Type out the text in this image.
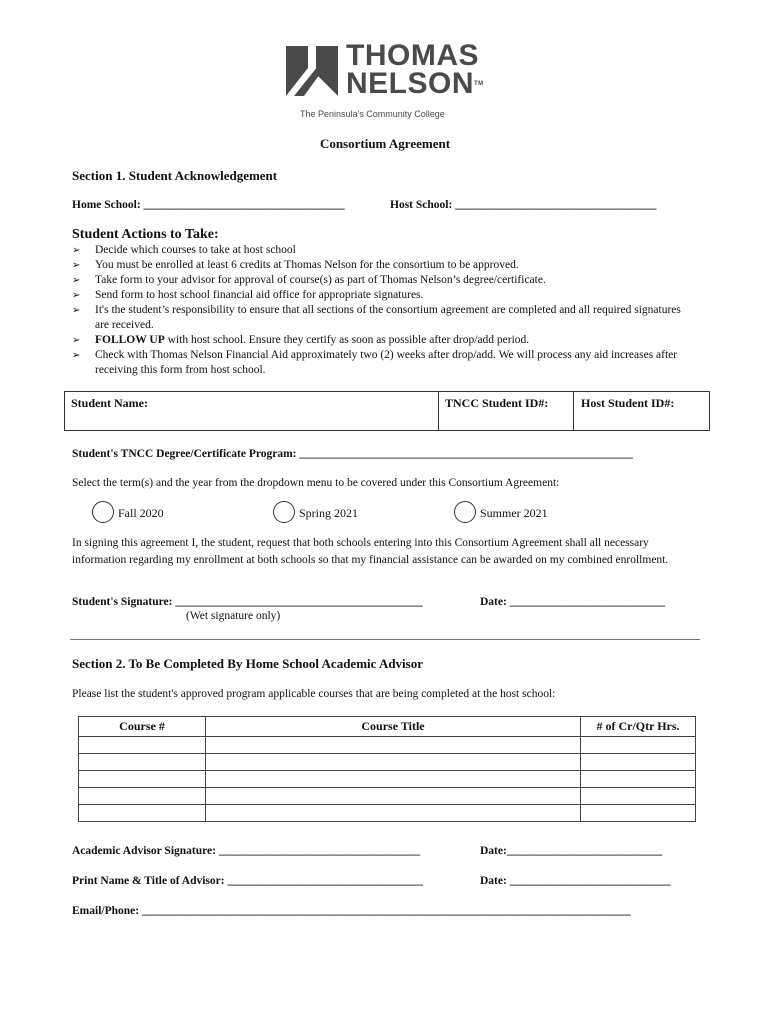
THOMAS
NELSON™
The Peninsula's Community College
Consortium Agreement
Section 1. Student Acknowledgement
Home School: ___________________________________	Host School: ___________________________________
Student Actions to Take:
➢ Decide which courses to take at host school
➢ You must be enrolled at least 6 credits at Thomas Nelson for the consortium to be approved.
➢ Take form to your advisor for approval of course(s) as part of Thomas Nelson’s degree/certificate.
➢ Send form to host school financial aid office for appropriate signatures.
➢ It's the student’s responsibility to ensure that all sections of the consortium agreement are completed and all required signatures are received.
➢ FOLLOW UP with host school. Ensure they certify as soon as possible after drop/add period.
➢ Check with Thomas Nelson Financial Aid approximately two (2) weeks after drop/add. We will process any aid increases after receiving this form from host school.
Student Name:	TNCC Student ID#:	Host Student ID#:
Student's TNCC Degree/Certificate Program: __________________________________________________________
Select the term(s) and the year from the dropdown menu to be covered under this Consortium Agreement:
Fall 2020	Spring 2021	Summer 2021
In signing this agreement I, the student, request that both schools entering into this Consortium Agreement shall all necessary information regarding my enrollment at both schools so that my financial assistance can be awarded on my combined enrollment.
Student's Signature: ___________________________________________
(Wet signature only)
Date: ___________________________
Section 2. To Be Completed By Home School Academic Advisor
Please list the student's approved program applicable courses that are being completed at the host school:
Course #	Course Title	# of Cr/Qtr Hrs.

Academic Advisor Signature: ___________________________________	Date:___________________________
Print Name & Title of Advisor: __________________________________	Date: ____________________________
Email/Phone: _____________________________________________________________________________________
